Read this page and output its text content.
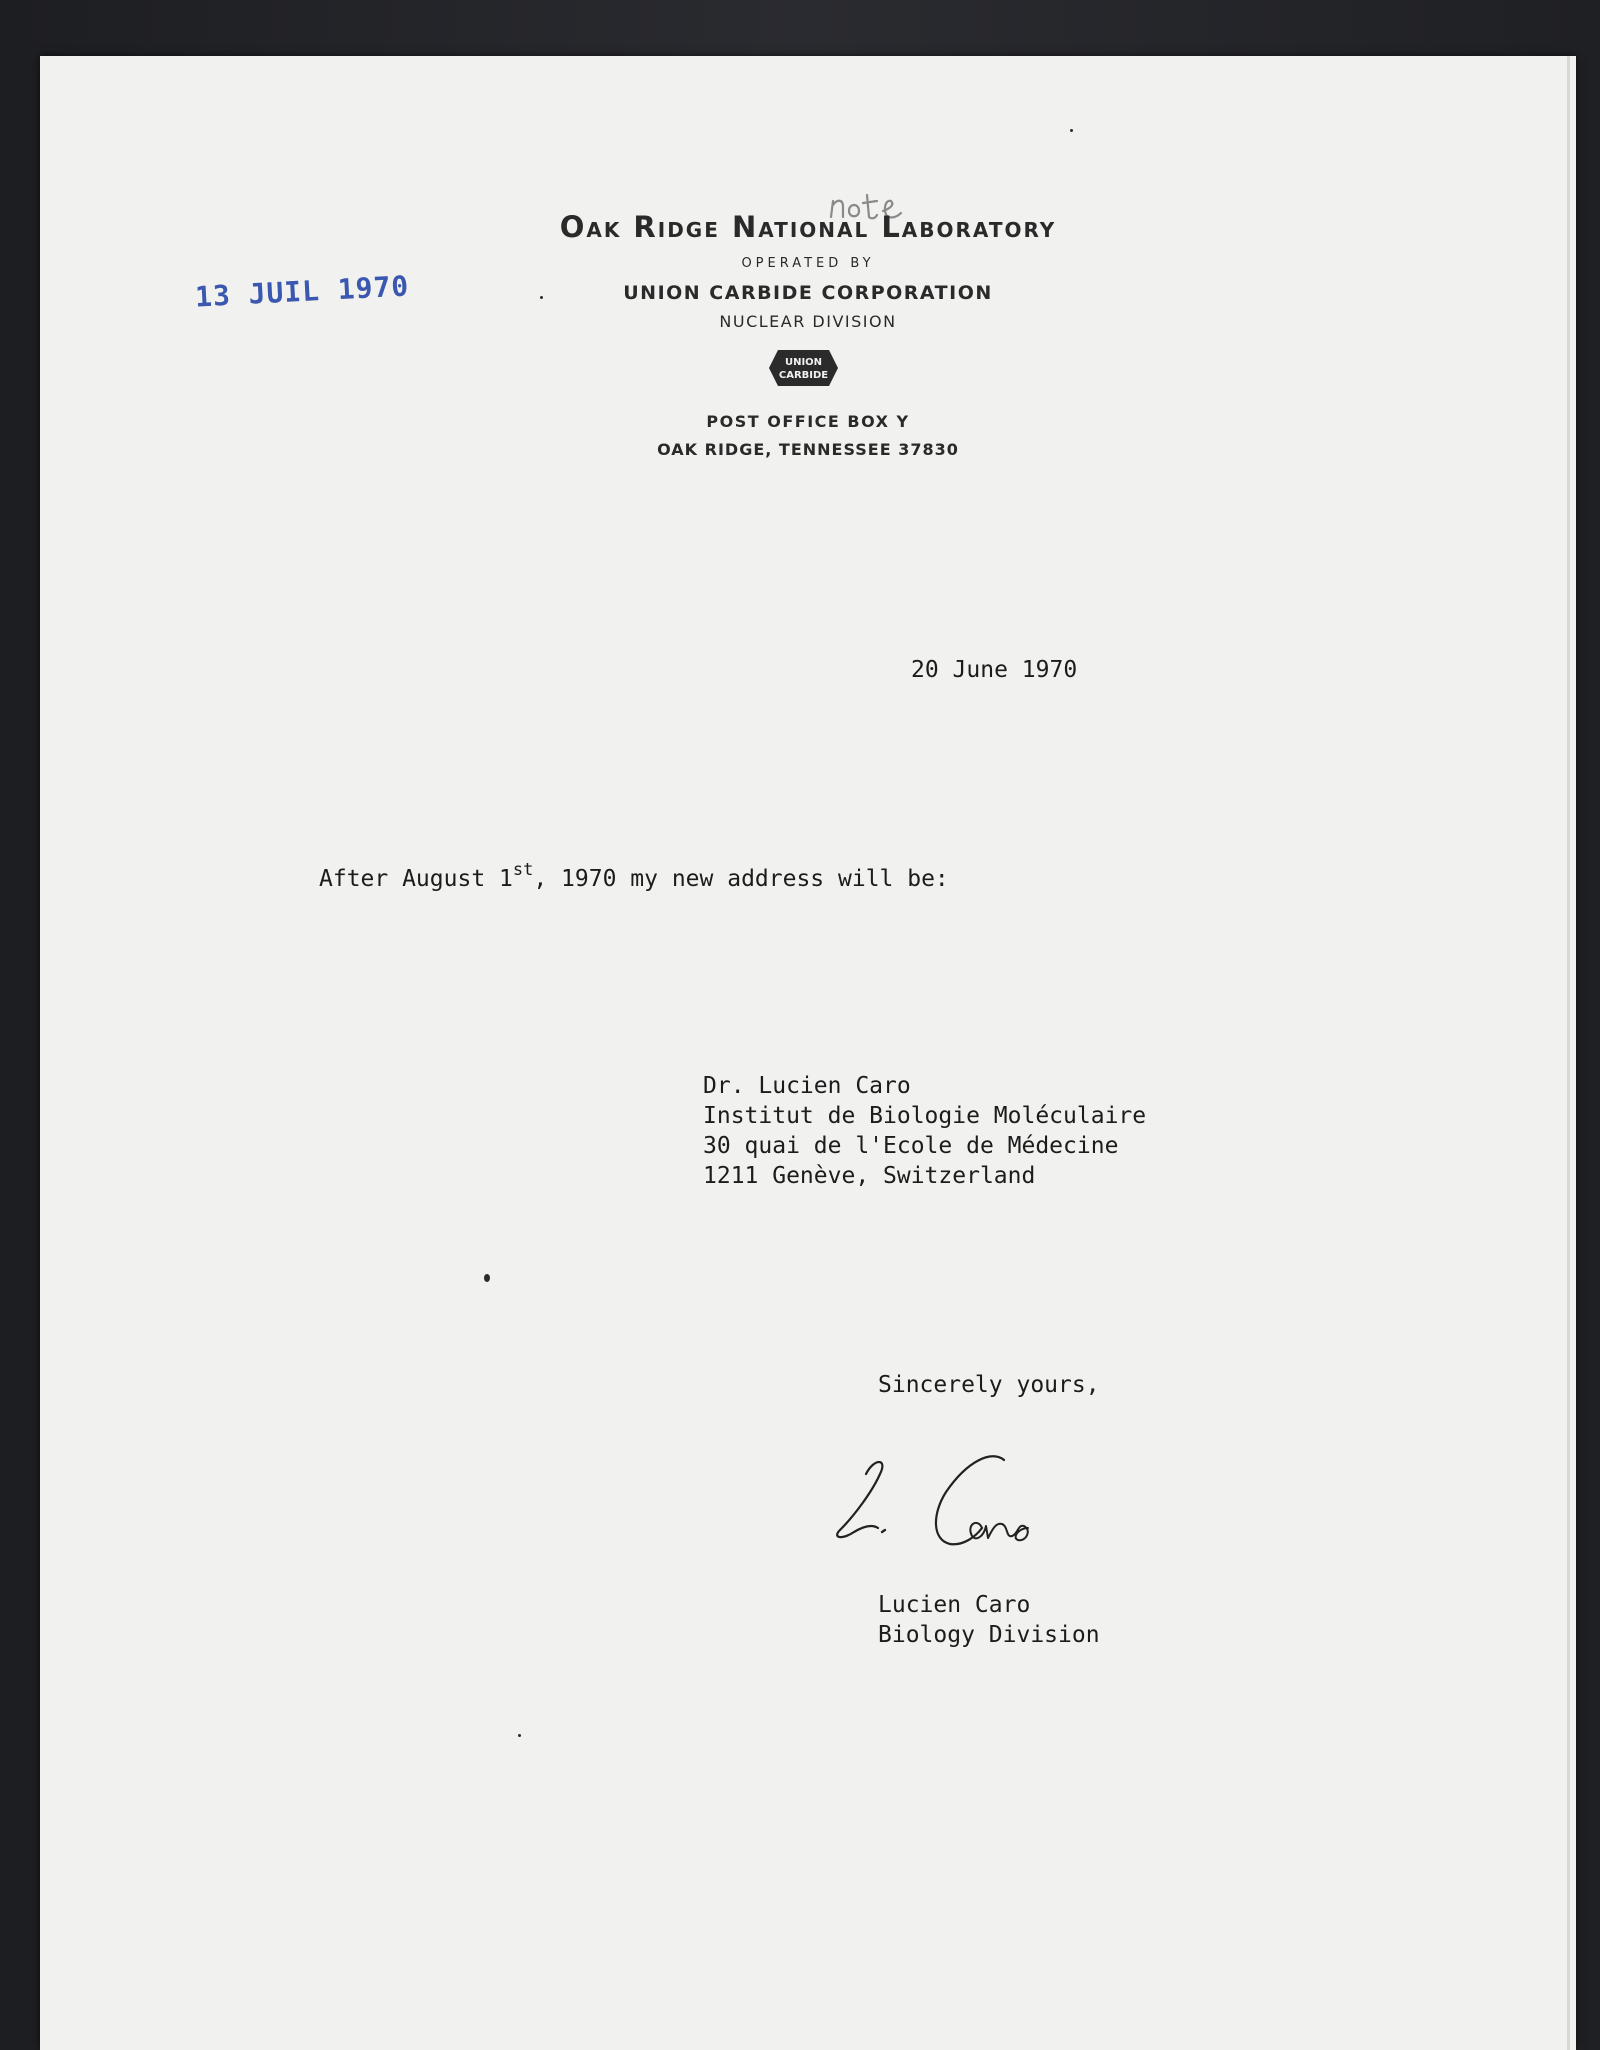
Oak Ridge National Laboratory
OPERATED BY
UNION CARBIDE CORPORATION
NUCLEAR DIVISION
UNION
CARBIDE
POST OFFICE BOX Y
OAK RIDGE, TENNESSEE 37830
13 JUIL 1970
20 June 1970
After August 1st, 1970 my new address will be:
Dr. Lucien Caro
Institut de Biologie Moléculaire
30 quai de l'Ecole de Médecine
1211 Genève, Switzerland
Sincerely yours,
Lucien Caro
Biology Division
